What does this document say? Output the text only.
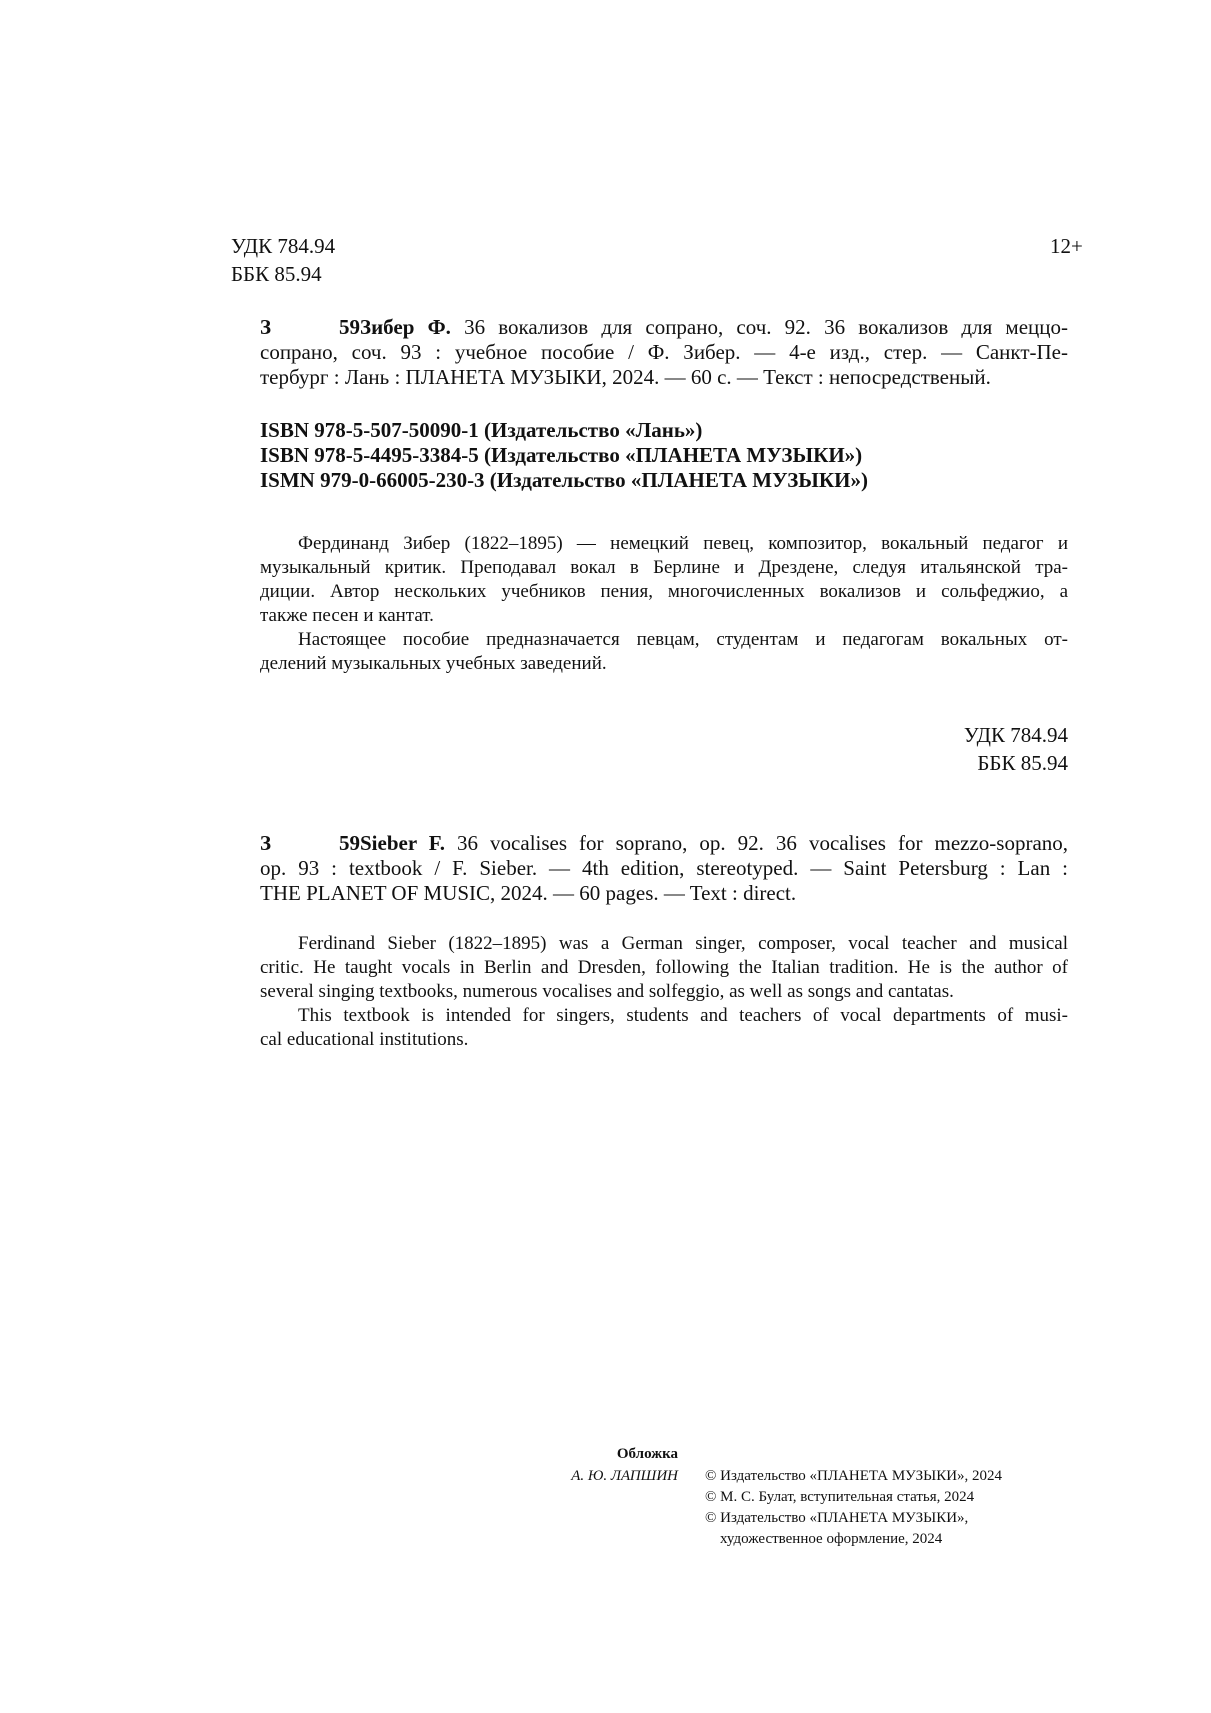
УДК 784.94
ББК 85.94
12+
З 59Зибер Ф. 36 вокализов для сопрано, соч. 92. 36 вокализов для меццо-
сопрано, соч. 93 : учебное пособие / Ф. Зибер. — 4-е изд., стер. — Санкт-Пе-
тербург : Лань : ПЛАНЕТА МУЗЫКИ, 2024. — 60 с. — Текст : непосредственый.
ISBN 978-5-507-50090-1 (Издательство «Лань»)
ISBN 978-5-4495-3384-5 (Издательство «ПЛАНЕТА МУЗЫКИ»)
ISMN 979-0-66005-230-3 (Издательство «ПЛАНЕТА МУЗЫКИ»)
Фердинанд Зибер (1822–1895) — немецкий певец, композитор, вокальный педагог и
музыкальный критик. Преподавал вокал в Берлине и Дрездене, следуя итальянской тра-
диции. Автор нескольких учебников пения, многочисленных вокализов и сольфеджио, а
также песен и кантат.
Настоящее пособие предназначается певцам, студентам и педагогам вокальных от-
делений музыкальных учебных заведений.
УДК 784.94
ББК 85.94
З 59Sieber F. 36 vocalises for soprano, op. 92. 36 vocalises for mezzo-soprano,
op. 93 : textbook / F. Sieber. — 4th edition, stereotyped. — Saint Petersburg : Lan :
THE PLANET OF MUSIC, 2024. — 60 pages. — Text : direct.
Ferdinand Sieber (1822–1895) was a German singer, composer, vocal teacher and musical
critic. He taught vocals in Berlin and Dresden, following the Italian tradition. He is the author of
several singing textbooks, numerous vocalises and solfeggio, as well as songs and cantatas.
This textbook is intended for singers, students and teachers of vocal departments of musi-
cal educational institutions.
Обложка
А. Ю. ЛАПШИН © Издательство «ПЛАНЕТА МУЗЫКИ», 2024
© М. С. Булат, вступительная статья, 2024
© Издательство «ПЛАНЕТА МУЗЫКИ»,
художественное оформление, 2024
